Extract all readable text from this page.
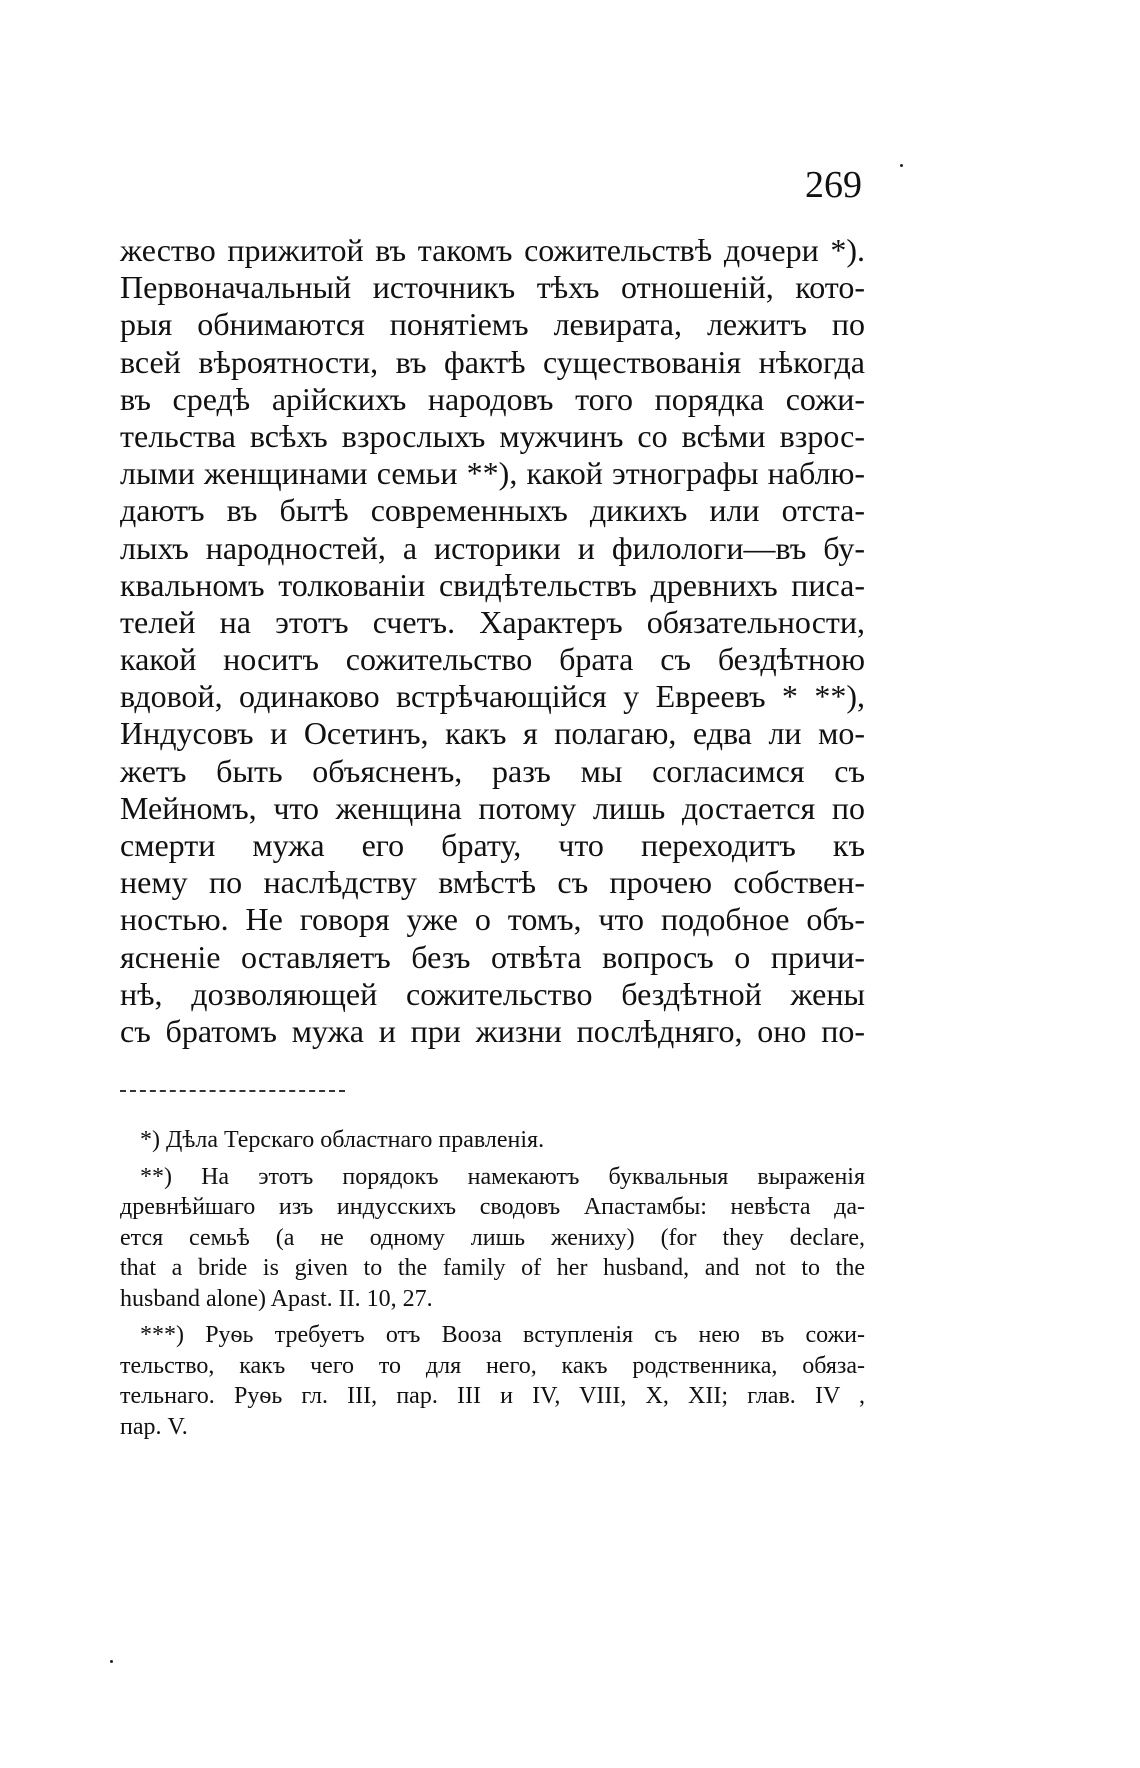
269
жество прижитой въ такомъ сожительствѣ дочери *).
Первоначальный источникъ тѣхъ отношенiй, кото-
рыя обнимаются понятiемъ левирата, лежитъ по
всей вѣроятности, въ фактѣ существованiя нѣкогда
въ средѣ арiйскихъ народовъ того порядка сожи-
тельства всѣхъ взрослыхъ мужчинъ со всѣми взрос-
лыми женщинами семьи **), какой этнографы наблю-
даютъ въ бытѣ современныхъ дикихъ или отста-
лыхъ народностей, а историки и филологи—въ бу-
квальномъ толкованiи свидѣтельствъ древнихъ писа-
телей на этотъ счетъ. Характеръ обязательности,
какой носитъ сожительство брата съ бездѣтною
вдовой, одинаково встрѣчающiйся у Евреевъ * **),
Индусовъ и Осетинъ, какъ я полагаю, едва ли мо-
жетъ быть объясненъ, разъ мы согласимся съ
Мейномъ, что женщина потому лишь достается по
смерти мужа его брату, что переходитъ къ
нему по наслѣдству вмѣстѣ съ прочею собствен-
ностью. Не говоря уже о томъ, что подобное объ-
ясненiе оставляетъ безъ отвѣта вопросъ о причи-
нѣ, дозволяющей сожительство бездѣтной жены
съ братомъ мужа и при жизни послѣдняго, оно по-
*) Дѣла Терскаго областнаго правленiя.
**) На этотъ порядокъ намекаютъ буквальныя выраженiя
древнѣйшаго изъ индусскихъ сводовъ Апастамбы: невѣста да-
ется семьѣ (а не одному лишь жениху) (for they declare,
that a bride is given to the family of her husband, and not to the
husband alone) Apast. II. 10, 27.
***) Руѳь требуетъ отъ Вооза вступленiя съ нею въ сожи-
тельство, какъ чего то для него, какъ родственника, обяза-
тельнаго. Руѳь гл. III, пар. III и IV, VIII, X, XII; глав. IV ,
пар. V.
